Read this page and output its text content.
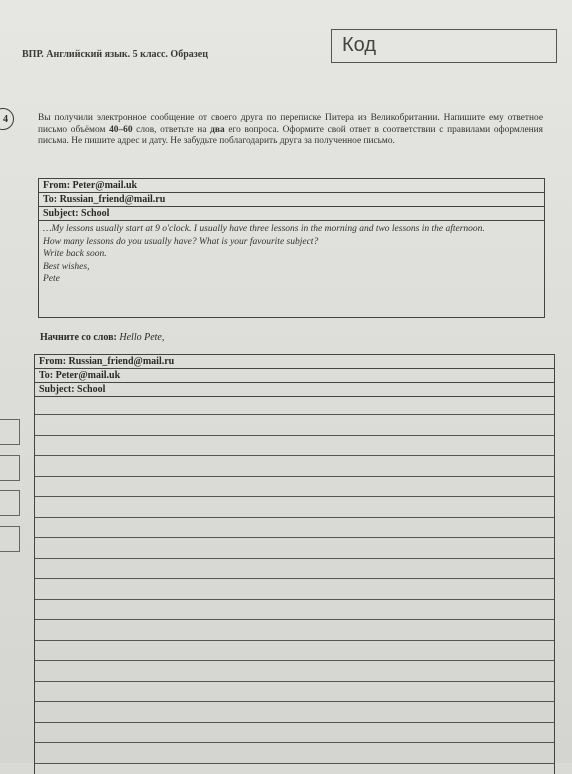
ВПР. Английский язык. 5 класс. Образец	Код
4	Вы получили электронное сообщение от своего друга по переписке Питера из Великобритании. Напишите ему ответное письмо объёмом 40–60 слов, ответьте на два его вопроса. Оформите свой ответ в соответствии с правилами оформления письма. Не пишите адрес и дату. Не забудьте поблагодарить друга за полученное письмо.
From: Peter@mail.uk
To: Russian_friend@mail.ru
Subject: School
…My lessons usually start at 9 o'clock. I usually have three lessons in the morning and two lessons in the afternoon.
How many lessons do you usually have? What is your favourite subject?
Write back soon.
Best wishes,
Pete
Начните со слов: Hello Pete,
From: Russian_friend@mail.ru
To: Peter@mail.uk
Subject: School
